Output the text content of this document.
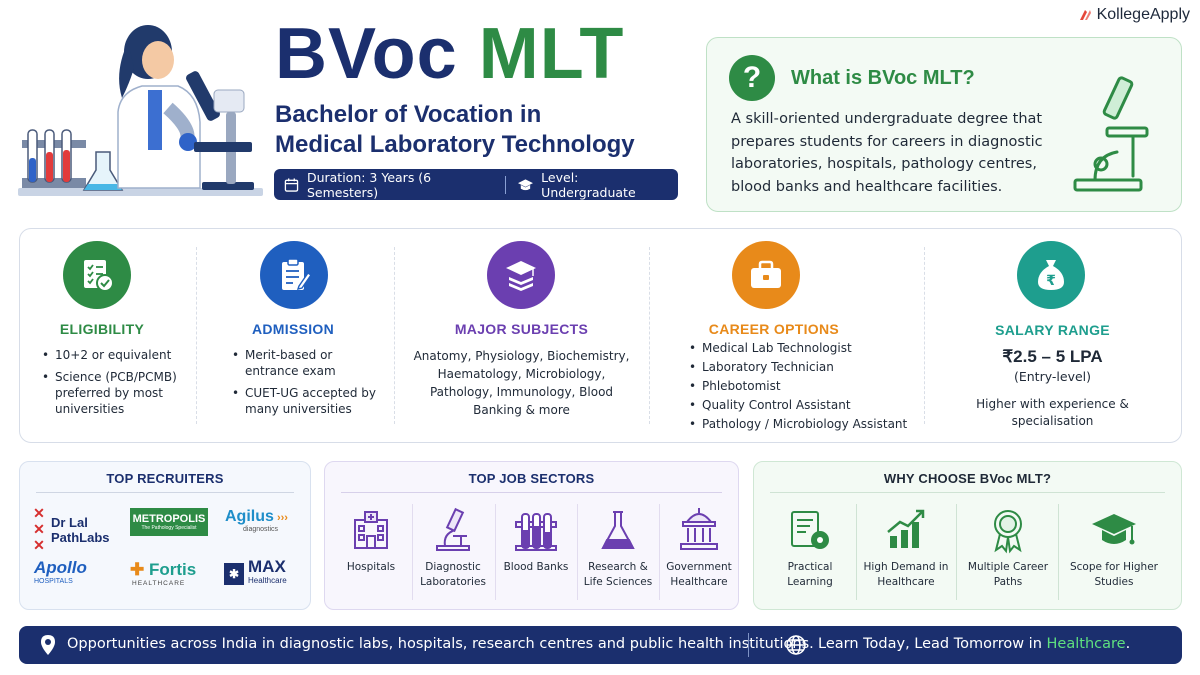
KollegeApply
BVoc MLT
Bachelor of Vocation in
Medical Laboratory Technology
Duration: 3 Years (6 Semesters)
Level: Undergraduate
?	What is BVoc MLT?

A skill-oriented undergraduate degree that prepares students for careers in diagnostic laboratories, hospitals, pathology centres, blood banks and healthcare facilities.

ELIGIBILITY
• 10+2 or equivalent
• Science (PCB/PCMB) preferred by most universities
ADMISSION
• Merit-based or entrance exam
• CUET-UG accepted by many universities
MAJOR SUBJECTS
Anatomy, Physiology, Biochemistry, Haematology, Microbiology, Pathology, Immunology, Blood Banking & more
CAREER OPTIONS
• Medical Lab Technologist
• Laboratory Technician
• Phlebotomist
• Quality Control Assistant
• Pathology / Microbiology Assistant
₹
SALARY RANGE
₹2.5 – 5 LPA
(Entry-level)
Higher with experience & specialisation
TOP RECRUITERS
✕✕✕ Dr Lal
PathLabs
METROPOLIS
The Pathology Specialist
Agilus ›››
diagnostics
Apollo
HOSPITALS
✚ Fortis
HEALTHCARE
✱ MAX
Healthcare
TOP JOB SECTORS
Hospitals	Diagnostic Laboratories
Blood Banks	Research & Life Sciences
Government Healthcare
WHY CHOOSE BVoc MLT?
Practical Learning
High Demand in Healthcare
Multiple Career Paths
Scope for Higher Studies
Opportunities across India in diagnostic labs, hospitals, research centres and public health institutions. Learn Today, Lead Tomorrow in Healthcare.
